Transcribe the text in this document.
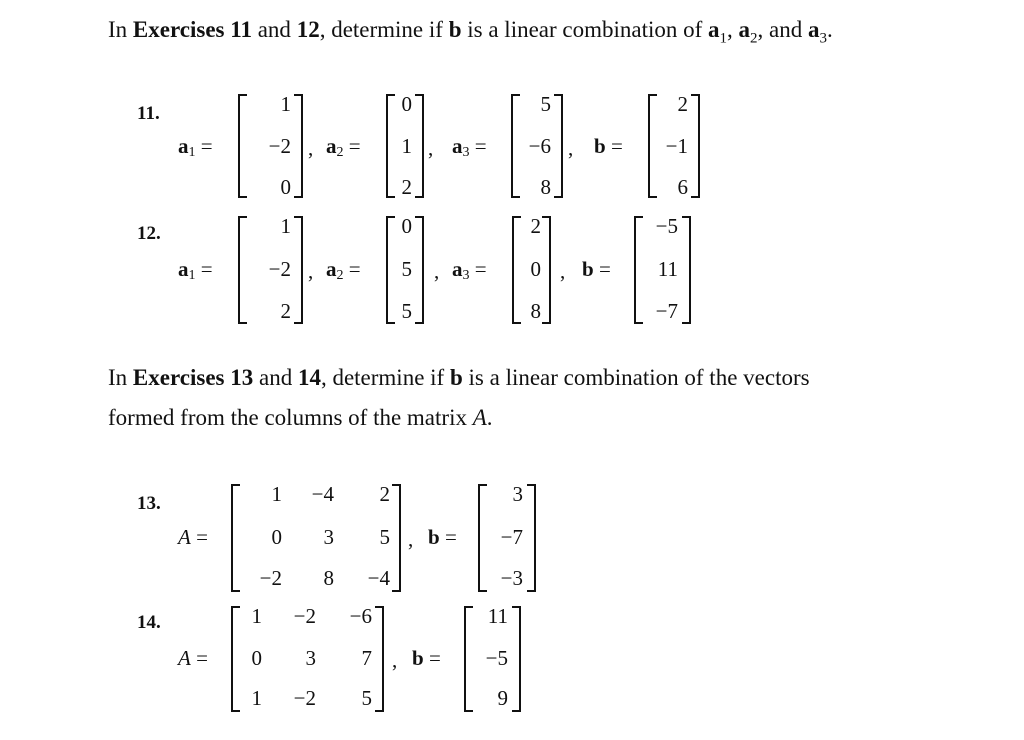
In Exercises 11 and 12, determine if b is a linear combination of $a_1$, $a_2$, and $a_3$.
11.
$a_1$ =
1
−2
0
, $a_2$ =
0
1
2
, $a_3$ =
5
−6
8
, b =
2
−1
6
12.
$a_1$ =
1
−2
2
, $a_2$ =
0
5
5
, $a_3$ =
2
0
8
, b =
−5
11
−7
In Exercises 13 and 14, determine if b is a linear combination of the vectors
formed from the columns of the matrix A.
13.
A =
1	−4	2
0	3	5
−2	8	−4
, b =
3
−7
−3
14.
A =
1	−2	−6
0	3	7
1	−2	5
, b =
11
−5
9
